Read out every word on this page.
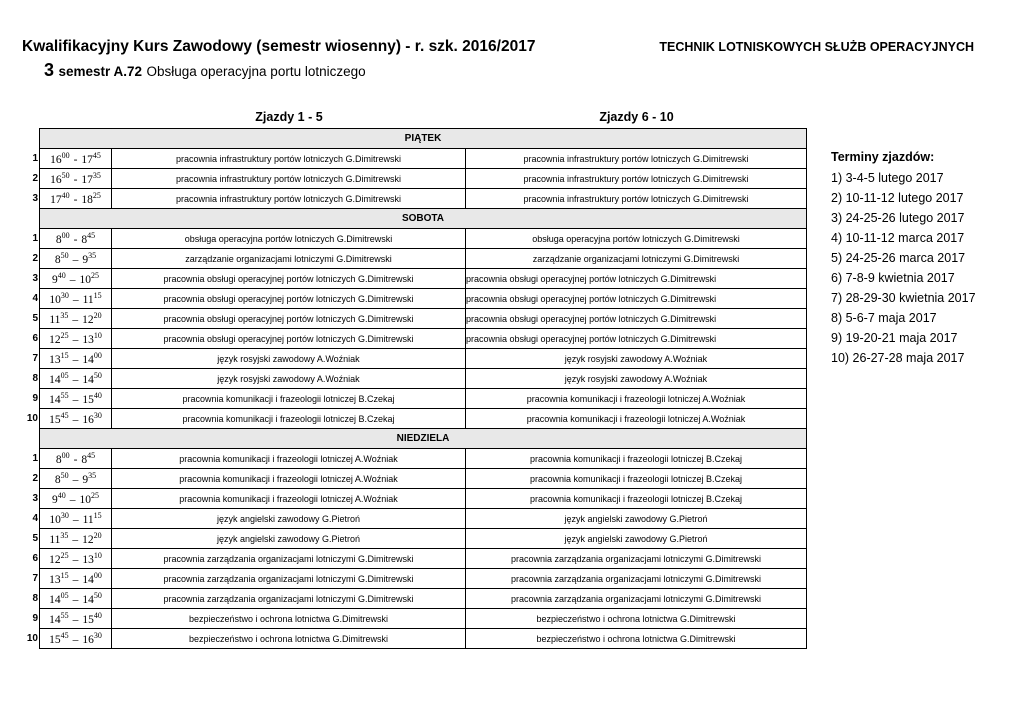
Kwalifikacyjny Kurs Zawodowy (semestr wiosenny) - r. szk. 2016/2017	TECHNIK LOTNISKOWYCH SŁUŻB OPERACYJNYCH
3 semestr A.72 Obsługa operacyjna portu lotniczego
Zjazdy 1 - 5	Zjazdy 6 - 10
PIĄTEK		
$16^{00} - 17^{45}$	pracownia infrastruktury portów lotniczych G.Dimitrewski	pracownia infrastruktury portów lotniczych G.Dimitrewski
$16^{50} - 17^{35}$	pracownia infrastruktury portów lotniczych G.Dimitrewski	pracownia infrastruktury portów lotniczych G.Dimitrewski
$17^{40} - 18^{25}$	pracownia infrastruktury portów lotniczych G.Dimitrewski	pracownia infrastruktury portów lotniczych G.Dimitrewski
SOBOTA		
$8^{00} - 8^{45}$	obsługa operacyjna portów lotniczych G.Dimitrewski	obsługa operacyjna portów lotniczych G.Dimitrewski
$8^{50} - 9^{35}$	zarządzanie organizacjami lotniczymi G.Dimitrewski	zarządzanie organizacjami lotniczymi G.Dimitrewski
$9^{40} - 10^{25}$	pracownia obsługi operacyjnej portów lotniczych G.Dimitrewski	pracownia obsługi operacyjnej portów lotniczych G.Dimitrewski
$10^{30} - 11^{15}$	pracownia obsługi operacyjnej portów lotniczych G.Dimitrewski	pracownia obsługi operacyjnej portów lotniczych G.Dimitrewski
$11^{35} - 12^{20}$	pracownia obsługi operacyjnej portów lotniczych G.Dimitrewski	pracownia obsługi operacyjnej portów lotniczych G.Dimitrewski
$12^{25} - 13^{10}$	pracownia obsługi operacyjnej portów lotniczych G.Dimitrewski	pracownia obsługi operacyjnej portów lotniczych G.Dimitrewski
$13^{15} - 14^{00}$	język rosyjski zawodowy A.Woźniak	język rosyjski zawodowy A.Woźniak
$14^{05} - 14^{50}$	język rosyjski zawodowy A.Woźniak	język rosyjski zawodowy A.Woźniak
$14^{55} - 15^{40}$	pracownia komunikacji i frazeologii lotniczej B.Czekaj	pracownia komunikacji i frazeologii lotniczej A.Woźniak
$15^{45} - 16^{30}$	pracownia komunikacji i frazeologii lotniczej B.Czekaj	pracownia komunikacji i frazeologii lotniczej A.Woźniak
NIEDZIELA		
$8^{00} - 8^{45}$	pracownia komunikacji i frazeologii lotniczej A.Woźniak	pracownia komunikacji i frazeologii lotniczej B.Czekaj
$8^{50} - 9^{35}$	pracownia komunikacji i frazeologii lotniczej A.Woźniak	pracownia komunikacji i frazeologii lotniczej B.Czekaj
$9^{40} - 10^{25}$	pracownia komunikacji i frazeologii lotniczej A.Woźniak	pracownia komunikacji i frazeologii lotniczej B.Czekaj
$10^{30} - 11^{15}$	język angielski zawodowy G.Pietroń	język angielski zawodowy G.Pietroń
$11^{35} - 12^{20}$	język angielski zawodowy G.Pietroń	język angielski zawodowy G.Pietroń
$12^{25} - 13^{10}$	pracownia zarządzania organizacjami lotniczymi G.Dimitrewski	pracownia zarządzania organizacjami lotniczymi G.Dimitrewski
$13^{15} - 14^{00}$	pracownia zarządzania organizacjami lotniczymi G.Dimitrewski	pracownia zarządzania organizacjami lotniczymi G.Dimitrewski
$14^{05} - 14^{50}$	pracownia zarządzania organizacjami lotniczymi G.Dimitrewski	pracownia zarządzania organizacjami lotniczymi G.Dimitrewski
$14^{55} - 15^{40}$	bezpieczeństwo i ochrona lotnictwa G.Dimitrewski	bezpieczeństwo i ochrona lotnictwa G.Dimitrewski
$15^{45} - 16^{30}$	bezpieczeństwo i ochrona lotnictwa G.Dimitrewski	bezpieczeństwo i ochrona lotnictwa G.Dimitrewski
1
2
3
1
2
3
4
5
6
7
8
9
10
1
2
3
4
5
6
7
8
9
10
Terminy zjazdów:
1) 3-4-5 lutego 2017
2) 10-11-12 lutego 2017
3) 24-25-26 lutego 2017
4) 10-11-12 marca 2017
5) 24-25-26 marca 2017
6) 7-8-9 kwietnia 2017
7) 28-29-30 kwietnia 2017
8) 5-6-7 maja 2017
9) 19-20-21 maja 2017
10) 26-27-28 maja 2017
